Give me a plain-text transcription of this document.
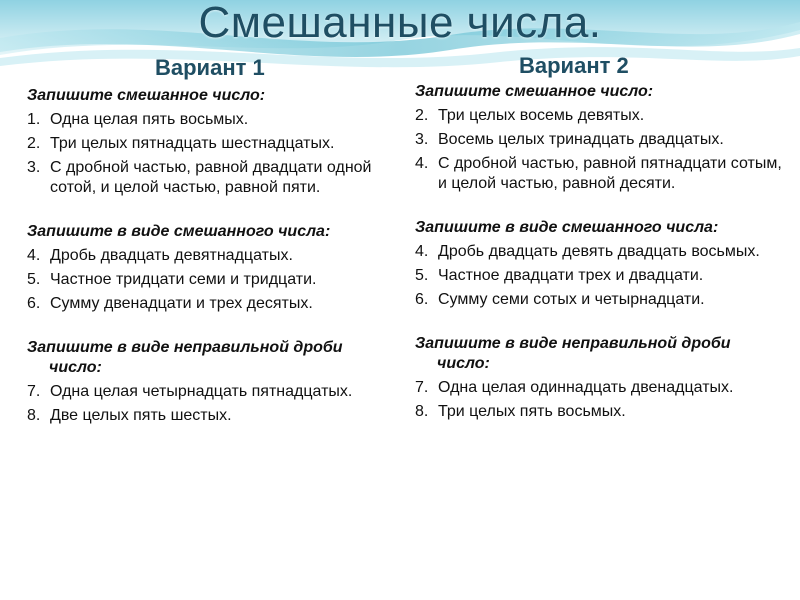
Смешанные числа.
Вариант 1	Вариант 2
Запишите смешанное число:
1. Одна целая пять восьмых.
2. Три целых пятнадцать шестнадцатых.
3. С дробной частью, равной двадцати одной сотой, и целой частью, равной пяти.
Запишите в виде смешанного числа:
4. Дробь двадцать девятнадцатых.
5. Частное тридцати семи и тридцати.
6. Сумму двенадцати и трех десятых.
Запишите в виде неправильной дроби число:
7. Одна целая четырнадцать пятнадцатых.
8. Две целых пять шестых.
Запишите смешанное число:
2. Три целых восемь девятых.
3. Восемь целых тринадцать двадцатых.
4. С дробной частью, равной пятнадцати сотым, и целой частью, равной десяти.
Запишите в виде смешанного числа:
4. Дробь двадцать девять двадцать восьмых.
5. Частное двадцати трех и двадцати.
6. Сумму семи сотых и четырнадцати.
Запишите в виде неправильной дроби число:
7. Одна целая одиннадцать двенадцатых.
8. Три целых пять восьмых.
